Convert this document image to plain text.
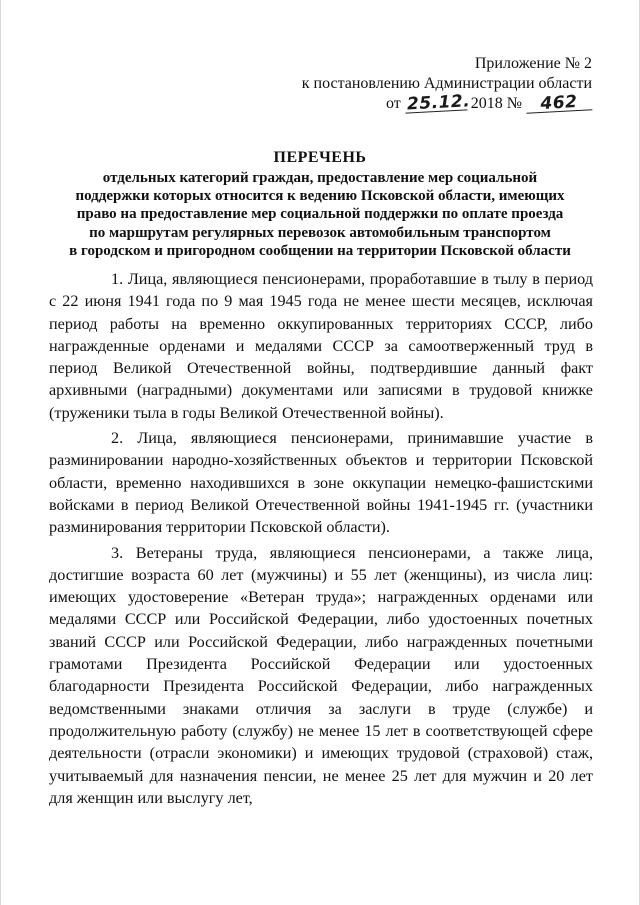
Приложение № 2
к постановлению Администрации области
от 25.12. 2018 № 462
ПЕРЕЧЕНЬ
отдельных категорий граждан, предоставление мер социальной
поддержки которых относится к ведению Псковской области, имеющих
право на предоставление мер социальной поддержки по оплате проезда
по маршрутам регулярных перевозок автомобильным транспортом
в городском и пригородном сообщении на территории Псковской области

1. Лица, являющиеся пенсионерами, проработавшие в тылу в период с 22 июня 1941 года по 9 мая 1945 года не менее шести месяцев, исключая период работы на временно оккупированных территориях СССР, либо награжденные орденами и медалями СССР за самоотверженный труд в период Великой Отечественной войны, подтвердившие данный факт архивными (наградными) документами или записями в трудовой книжке (труженики тыла в годы Великой Отечественной войны).

2. Лица, являющиеся пенсионерами, принимавшие участие в разминировании народно-хозяйственных объектов и территории Псковской области, временно находившихся в зоне оккупации немецко-фашистскими войсками в период Великой Отечественной войны 1941-1945 гг. (участники разминирования территории Псковской области).

3. Ветераны труда, являющиеся пенсионерами, а также лица, достигшие возраста 60 лет (мужчины) и 55 лет (женщины), из числа лиц: имеющих удостоверение «Ветеран труда»; награжденных орденами или медалями СССР или Российской Федерации, либо удостоенных почетных званий СССР или Российской Федерации, либо награжденных почетными грамотами Президента Российской Федерации или удостоенных благодарности Президента Российской Федерации, либо награжденных ведомственными знаками отличия за заслуги в труде (службе) и продолжительную работу (службу) не менее 15 лет в соответствующей сфере деятельности (отрасли экономики) и имеющих трудовой (страховой) стаж, учитываемый для назначения пенсии, не менее 25 лет для мужчин и 20 лет для женщин или выслугу лет,
